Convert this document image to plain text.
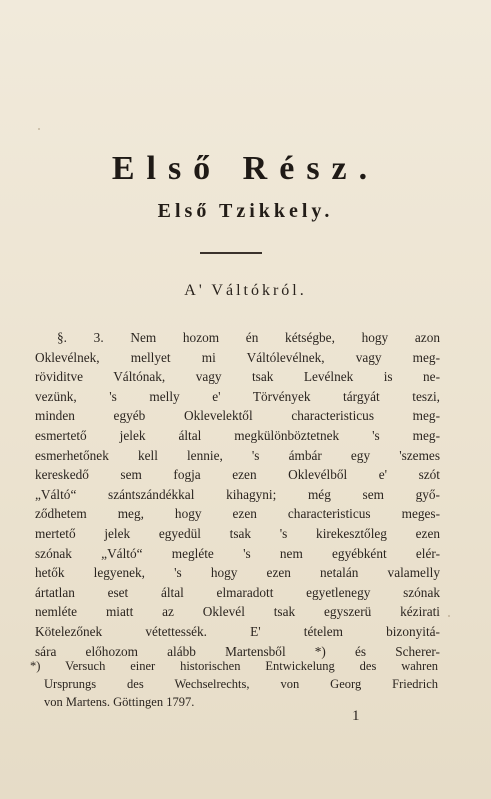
Első Rész.
Első Tzikkely.
A' Váltókról.
§. 3. Nem hozom én kétségbe, hogy azon
Oklevélnek, mellyet mi Váltólevélnek, vagy meg-
röviditve Váltónak, vagy tsak Levélnek is ne-
vezünk, 's melly e' Törvények tárgyát teszi,
minden egyéb Oklevelektől characteristicus meg-
esmertető jelek által megkülönböztetnek 's meg-
esmerhetőnek kell lennie, 's ámbár egy 'szemes
kereskedő sem fogja ezen Oklevélből e' szót
„Váltó“ szántszándékkal kihagyni; még sem győ-
ződhetem meg, hogy ezen characteristicus meges-
mertető jelek egyedül tsak 's kirekesztőleg ezen
szónak „Váltó“ megléte 's nem egyébként elér-
hetők legyenek, 's hogy ezen netalán valamelly
ártatlan eset által elmaradott egyetlenegy szónak
nemléte miatt az Oklevél tsak egyszerü kézirati
Kötelezőnek vétettessék. E' tételem bizonyitá-
sára előhozom alább Martensből *) és Scherer-
*) Versuch einer historischen Entwickelung des wahren
Ursprungs des Wechselrechts, von Georg Friedrich
von Martens. Göttingen 1797.
1
